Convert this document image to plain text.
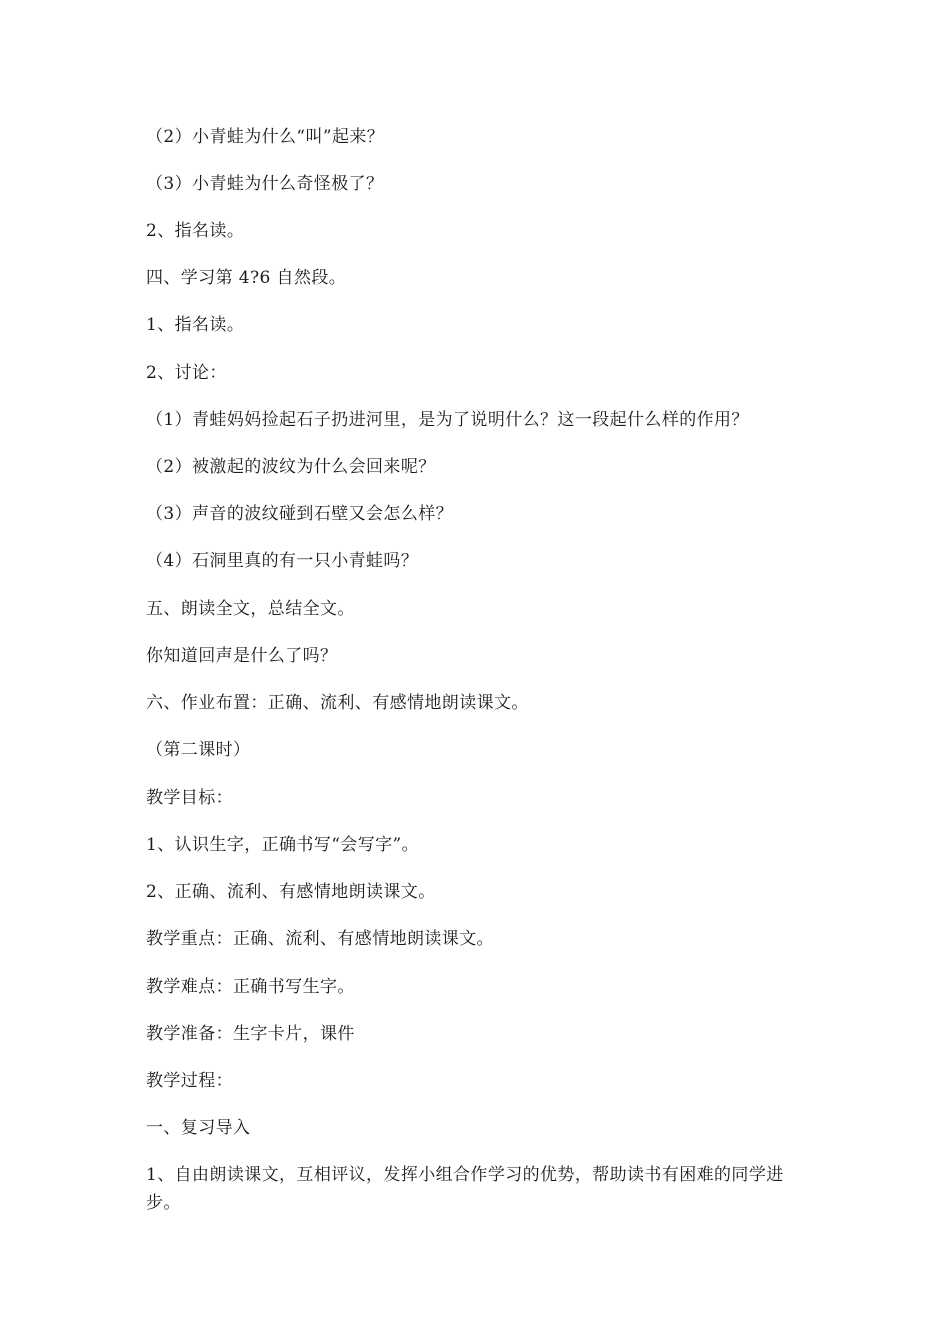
（2）小青蛙为什么“叫”起来？
（3）小青蛙为什么奇怪极了？
2、指名读。
四、学习第 4?6 自然段。
1、指名读。
2、讨论：
（1）青蛙妈妈捡起石子扔进河里，是为了说明什么？这一段起什么样的作用？
（2）被激起的波纹为什么会回来呢？
（3）声音的波纹碰到石壁又会怎么样？
（4）石洞里真的有一只小青蛙吗？
五、朗读全文，总结全文。
你知道回声是什么了吗？
六、作业布置：正确、流利、有感情地朗读课文。
（第二课时）
教学目标：
1、认识生字，正确书写“会写字”。
2、正确、流利、有感情地朗读课文。
教学重点：正确、流利、有感情地朗读课文。
教学难点：正确书写生字。
教学准备：生字卡片，课件
教学过程：
一、复习导入
1、自由朗读课文，互相评议，发挥小组合作学习的优势，帮助读书有困难的同学进步。
